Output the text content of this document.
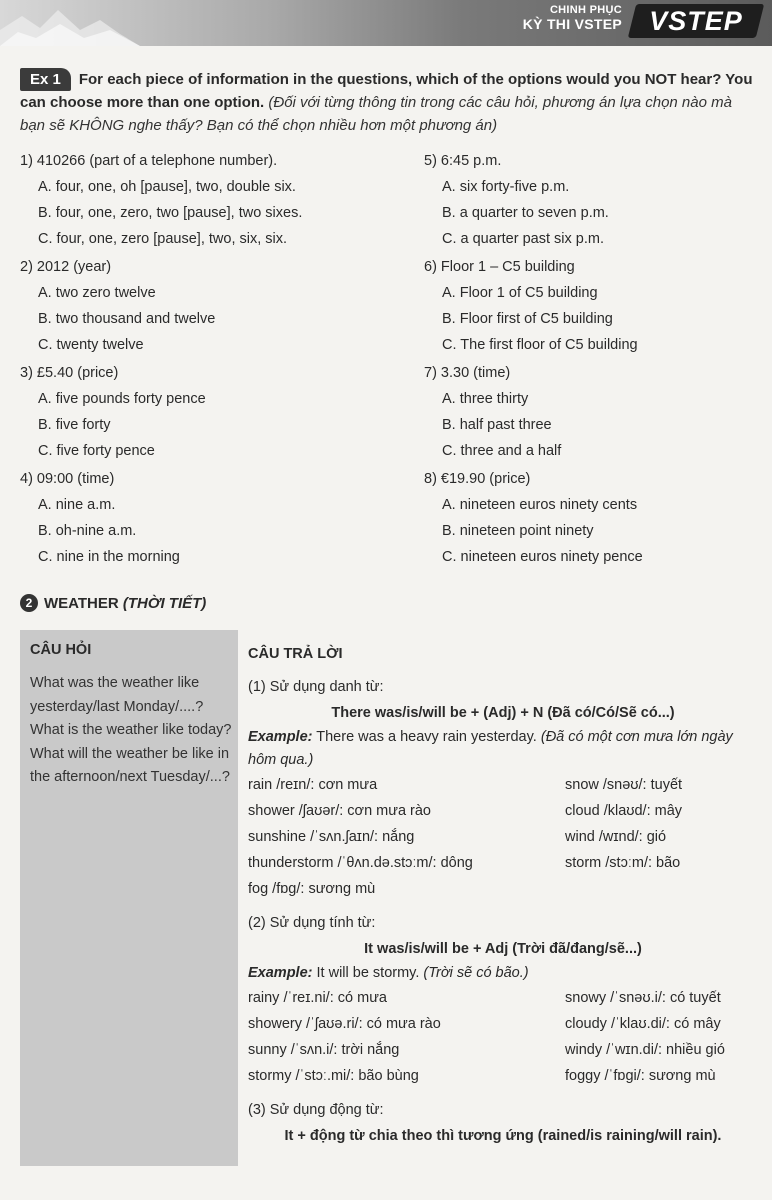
CHINH PHỤC
KỲ THI VSTEP	VSTEP
Ex 1 For each piece of information in the questions, which of the options would you NOT hear? You can choose more than one option. (Đối với từng thông tin trong các câu hỏi, phương án lựa chọn nào mà bạn sẽ KHÔNG nghe thấy? Bạn có thể chọn nhiều hơn một phương án)
1) 410266 (part of a telephone number).
A. four, one, oh [pause], two, double six.
B. four, one, zero, two [pause], two sixes.
C. four, one, zero [pause], two, six, six.
2) 2012 (year)
A. two zero twelve
B. two thousand and twelve
C. twenty twelve
3) £5.40 (price)
A. five pounds forty pence
B. five forty
C. five forty pence
4) 09:00 (time)
A. nine a.m.
B. oh-nine a.m.
C. nine in the morning
5) 6:45 p.m.
A. six forty-five p.m.
B. a quarter to seven p.m.
C. a quarter past six p.m.
6) Floor 1 – C5 building
A. Floor 1 of C5 building
B. Floor first of C5 building
C. The first floor of C5 building
7) 3.30 (time)
A. three thirty
B. half past three
C. three and a half
8) €19.90 (price)
A. nineteen euros ninety cents
B. nineteen point ninety
C. nineteen euros ninety pence
2 WEATHER (THỜI TIẾT)
CÂU HỎI
What was the weather like yesterday/last Monday/....?
What is the weather like today?
What will the weather be like in the afternoon/next Tuesday/...?
CÂU TRẢ LỜI
(1) Sử dụng danh từ:
There was/is/will be + (Adj) + N (Đã có/Có/Sẽ có...)
Example: There was a heavy rain yesterday. (Đã có một cơn mưa lớn ngày hôm qua.)
rain /reɪn/: cơn mưa	snow /snəʊ/: tuyết
shower /ʃaʊər/: cơn mưa rào	cloud /klaʊd/: mây
sunshine /ˈsʌn.ʃaɪn/: nắng	wind /wɪnd/: gió
thunderstorm /ˈθʌn.də.stɔːm/: dông	storm /stɔːm/: bão
fog /fɒg/: sương mù
(2) Sử dụng tính từ:
It was/is/will be + Adj (Trời đã/đang/sẽ...)
Example: It will be stormy. (Trời sẽ có bão.)
rainy /ˈreɪ.ni/: có mưa	snowy /ˈsnəʊ.i/: có tuyết
showery /ˈʃaʊə.ri/: có mưa rào	cloudy /ˈklaʊ.di/: có mây
sunny /ˈsʌn.i/: trời nắng	windy /ˈwɪn.di/: nhiều gió
stormy /ˈstɔː.mi/: bão bùng	foggy /ˈfɒgi/: sương mù
(3) Sử dụng động từ:
It + động từ chia theo thì tương ứng (rained/is raining/will rain).
